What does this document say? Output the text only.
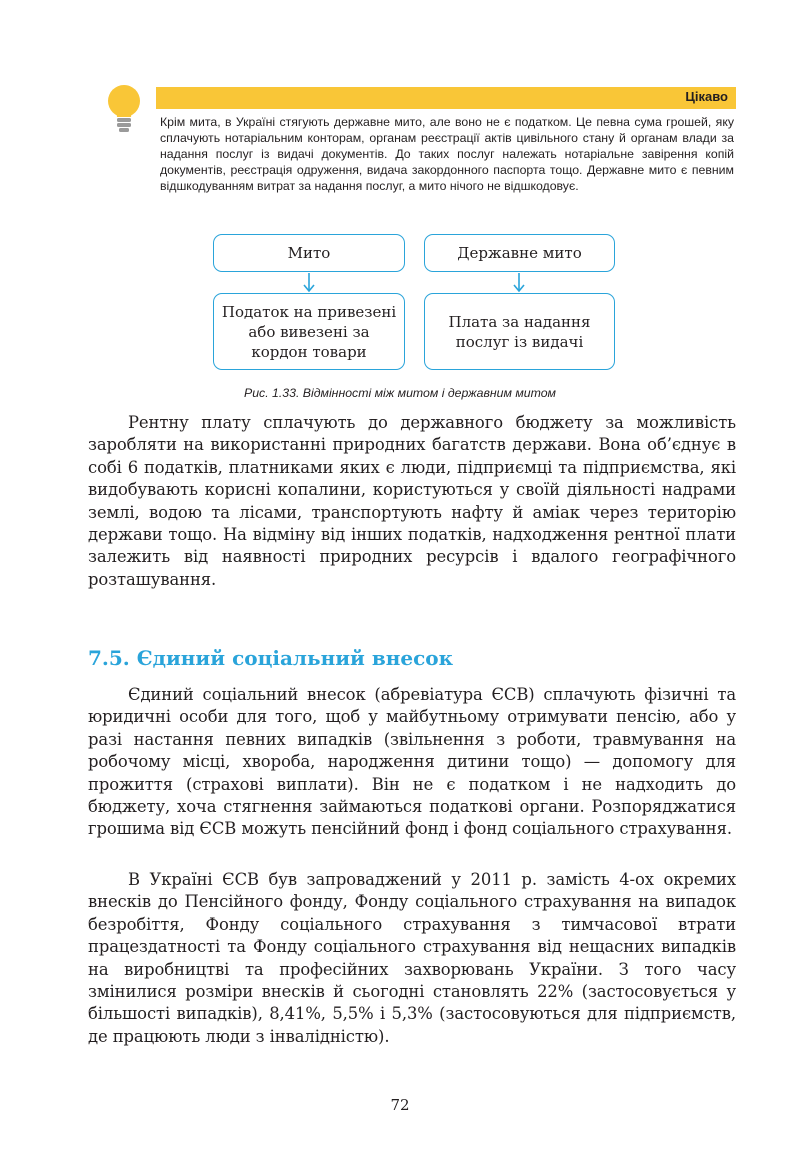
Цікаво
Крім мита, в Україні стягують державне мито, але воно не є податком. Це певна сума грошей, яку сплачують нотаріальним конторам, органам реєстрації актів цивільного стану й органам влади за надання послуг із видачі документів. До таких послуг належать нотаріальне завірення копій документів, реєстрація одруження, видача закордонного паспорта тощо. Державне мито є певним відшкодуванням витрат за надання послуг, а мито нічого не відшкодовує.
Мито	Державне мито
Податок на привезені або вивезені за кордон товари
Плата за надання послуг із видачі
Рис. 1.33. Відмінності між митом і державним митом

Рентну плату сплачують до державного бюджету за можливість заробляти на використанні природних багатств держави. Вона об’єднує в собі 6 податків, платниками яких є люди, підприємці та підприємства, які видобувають корисні копалини, користуються у своїй діяльності надрами землі, водою та лісами, транспортують нафту й аміак через територію держави тощо. На відміну від інших податків, надходження рентної плати залежить від наявності природних ресурсів і вдалого географічного розташування.

7.5. Єдиний соціальний внесок

Єдиний соціальний внесок (абревіатура ЄСВ) сплачують фізичні та юридичні особи для того, щоб у майбутньому отримувати пенсію, або у разі настання певних випадків (звільнення з роботи, травмування на робочому місці, хвороба, народження дитини тощо) — допомогу для прожиття (страхові виплати). Він не є податком і не надходить до бюджету, хоча стягнення займаються податкові органи. Розпоряджатися грошима від ЄСВ можуть пенсійний фонд і фонд соціального страхування.

В Україні ЄСВ був запроваджений у 2011 р. замість 4-ох окремих внесків до Пенсійного фонду, Фонду соціального страхування на випадок безробіття, Фонду соціального страхування з тимчасової втрати працездатності та Фонду соціального страхування від нещасних випадків на виробництві та професійних захворювань України. З того часу змінилися розміри внесків й сьогодні становлять 22% (застосовується у більшості випадків), 8,41%, 5,5% і 5,3% (застосовуються для підприємств, де працюють люди з інвалідністю).

72
